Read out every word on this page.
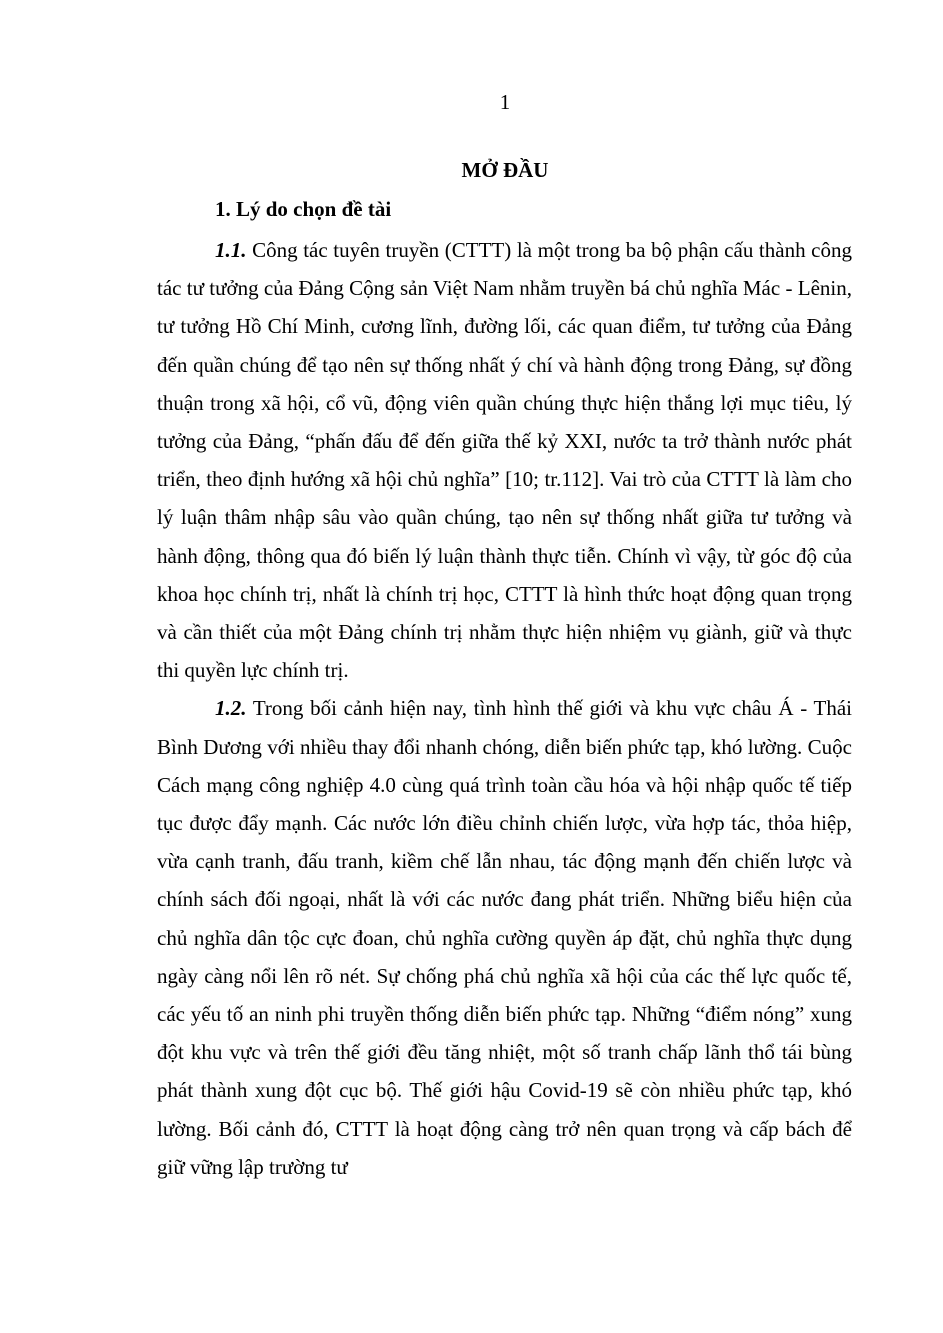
1
MỞ ĐẦU
1. Lý do chọn đề tài

1.1. Công tác tuyên truyền (CTTT) là một trong ba bộ phận cấu thành công tác tư tưởng của Đảng Cộng sản Việt Nam nhằm truyền bá chủ nghĩa Mác - Lênin, tư tưởng Hồ Chí Minh, cương lĩnh, đường lối, các quan điểm, tư tưởng của Đảng đến quần chúng để tạo nên sự thống nhất ý chí và hành động trong Đảng, sự đồng thuận trong xã hội, cổ vũ, động viên quần chúng thực hiện thắng lợi mục tiêu, lý tưởng của Đảng, “phấn đấu để đến giữa thế kỷ XXI, nước ta trở thành nước phát triển, theo định hướng xã hội chủ nghĩa” [10; tr.112]. Vai trò của CTTT là làm cho lý luận thâm nhập sâu vào quần chúng, tạo nên sự thống nhất giữa tư tưởng và hành động, thông qua đó biến lý luận thành thực tiễn. Chính vì vậy, từ góc độ của khoa học chính trị, nhất là chính trị học, CTTT là hình thức hoạt động quan trọng và cần thiết của một Đảng chính trị nhằm thực hiện nhiệm vụ giành, giữ và thực thi quyền lực chính trị.

1.2. Trong bối cảnh hiện nay, tình hình thế giới và khu vực châu Á - Thái Bình Dương với nhiều thay đổi nhanh chóng, diễn biến phức tạp, khó lường. Cuộc Cách mạng công nghiệp 4.0 cùng quá trình toàn cầu hóa và hội nhập quốc tế tiếp tục được đẩy mạnh. Các nước lớn điều chỉnh chiến lược, vừa hợp tác, thỏa hiệp, vừa cạnh tranh, đấu tranh, kiềm chế lẫn nhau, tác động mạnh đến chiến lược và chính sách đối ngoại, nhất là với các nước đang phát triển. Những biểu hiện của chủ nghĩa dân tộc cực đoan, chủ nghĩa cường quyền áp đặt, chủ nghĩa thực dụng ngày càng nổi lên rõ nét. Sự chống phá chủ nghĩa xã hội của các thế lực quốc tế, các yếu tố an ninh phi truyền thống diễn biến phức tạp. Những “điểm nóng” xung đột khu vực và trên thế giới đều tăng nhiệt, một số tranh chấp lãnh thổ tái bùng phát thành xung đột cục bộ. Thế giới hậu Covid-19 sẽ còn nhiều phức tạp, khó lường. Bối cảnh đó, CTTT là hoạt động càng trở nên quan trọng và cấp bách để giữ vững lập trường tư
